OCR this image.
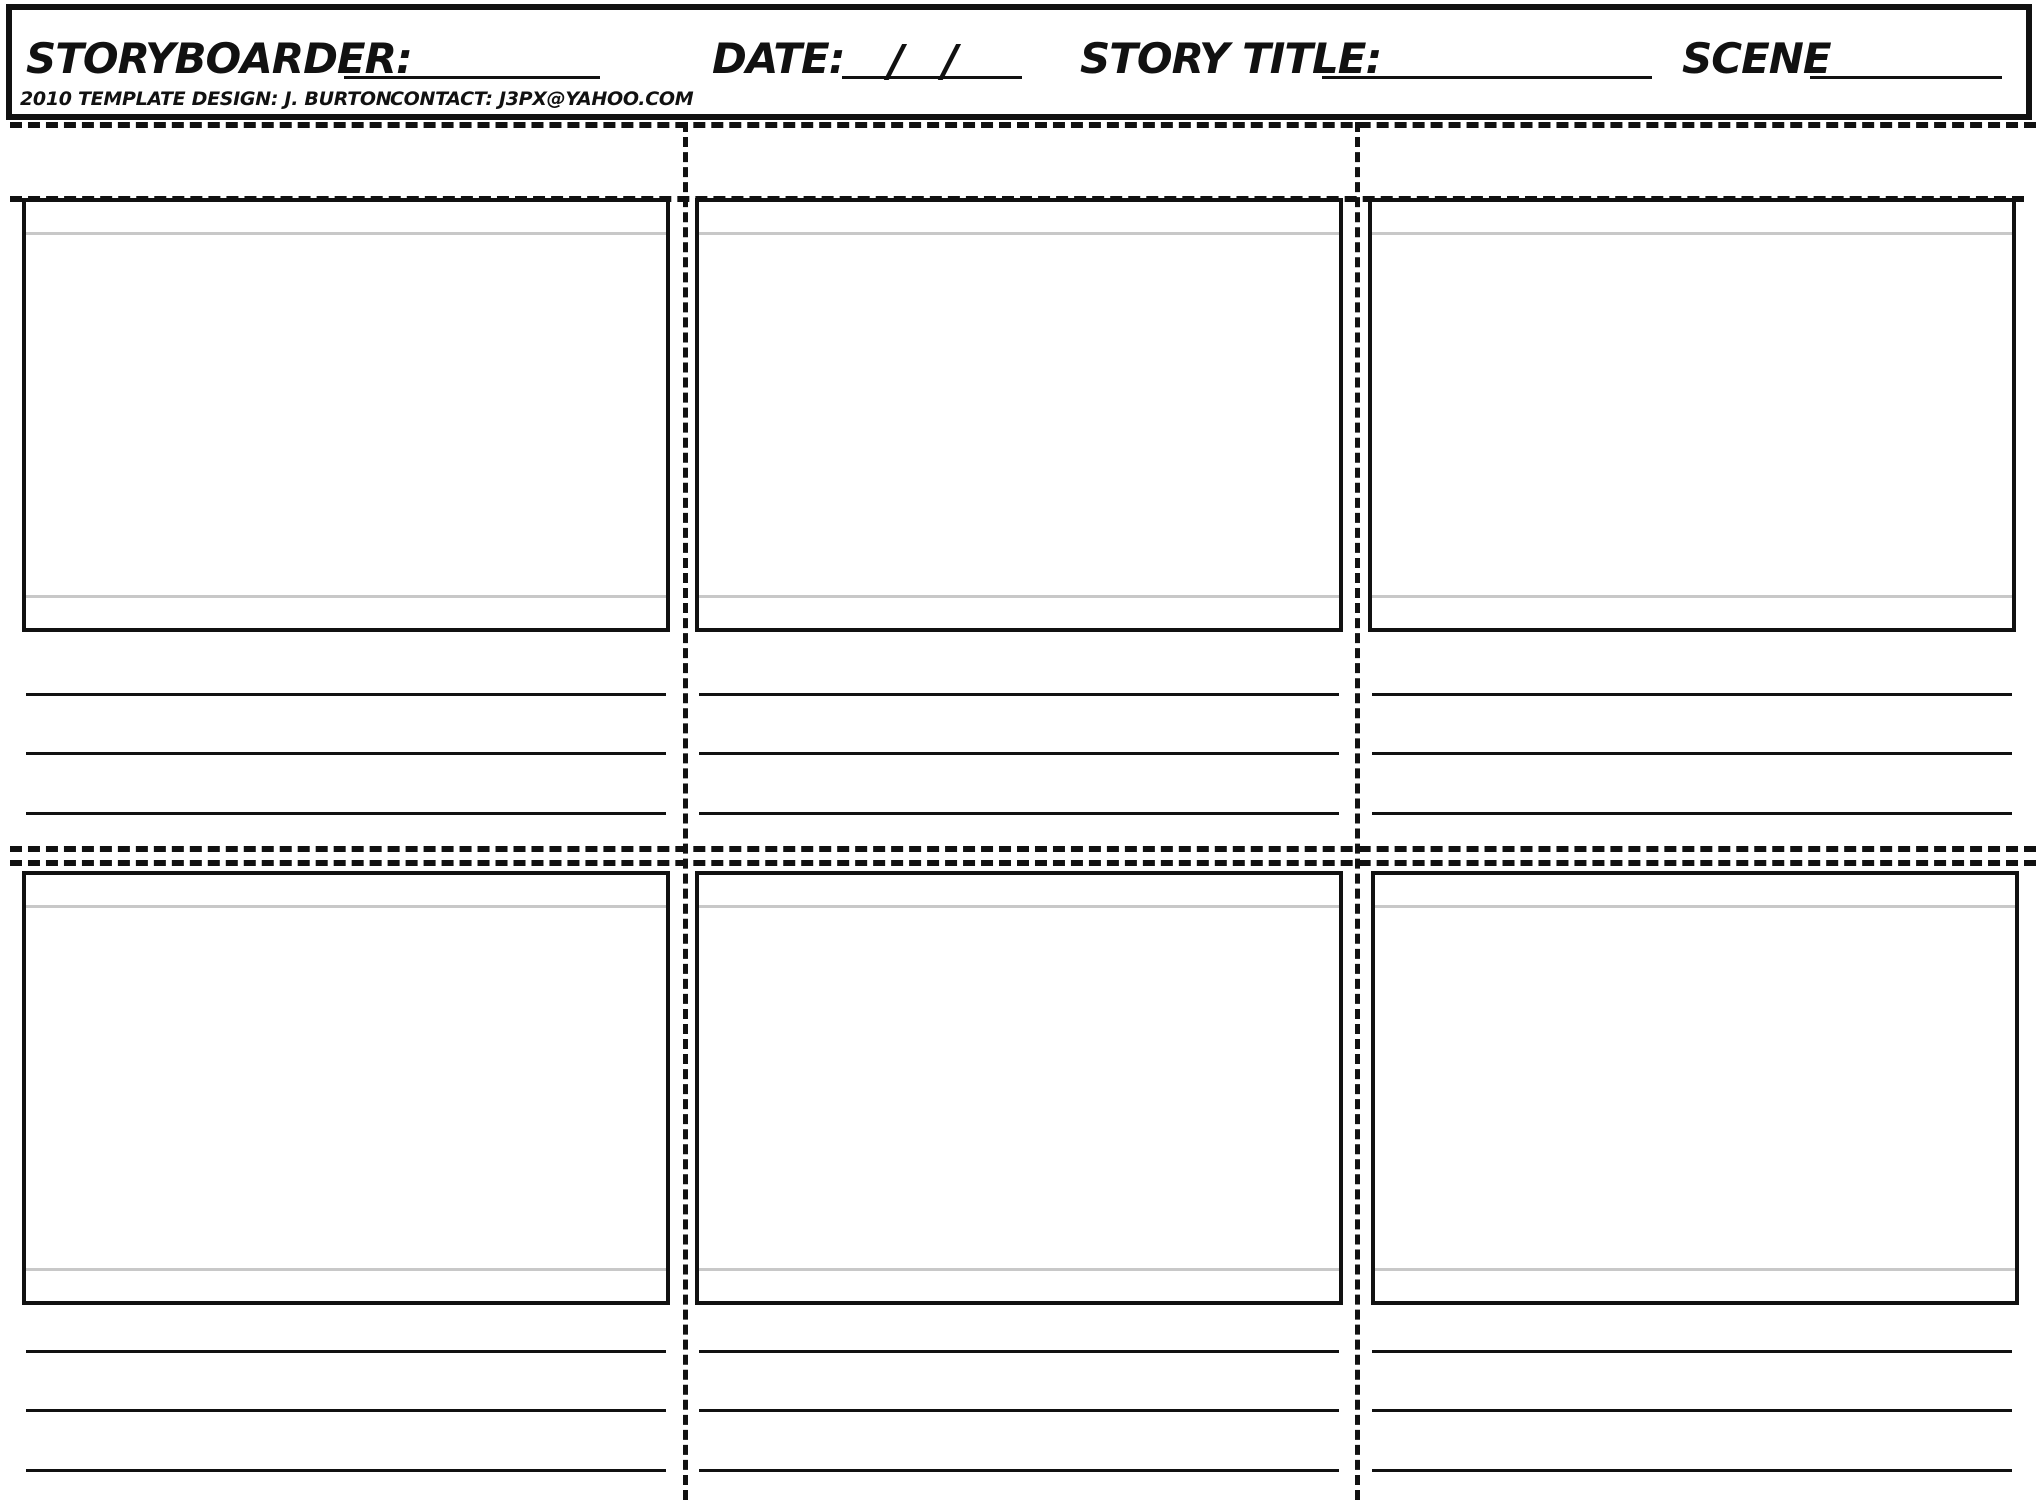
STORYBOARDER:	DATE: / /	STORY TITLE:	SCENE
2010 TEMPLATE DESIGN: J. BURTON
CONTACT: J3PX@YAHOO.COM
